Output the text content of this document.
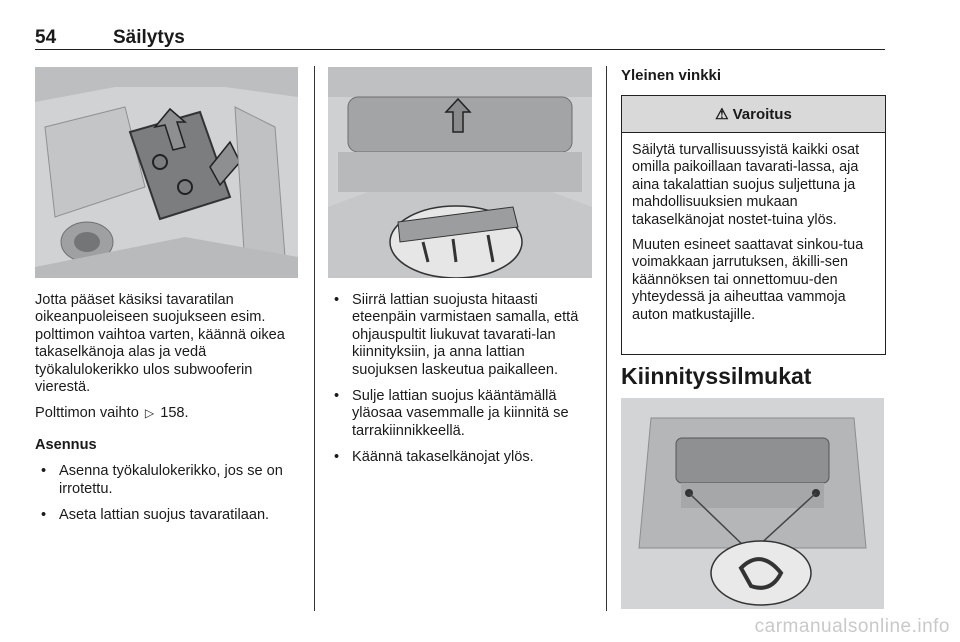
54	Säilytys

Jotta pääset käsiksi tavaratilan oikeanpuoleiseen suojukseen esim. polttimon vaihtoa varten, käännä oikea takaselkänoja alas ja vedä työkalulokerikko ulos subwooferin vierestä.

Polttimon vaihto ▷ 158.

Asennus

• Asenna työkalulokerikko, jos se on irrotettu.
• Aseta lattian suojus tavaratilaan.
• Siirrä lattian suojusta hitaasti eteenpäin varmistaen samalla, että ohjauspultit liukuvat tavarati-lan kiinnityksiin, ja anna lattian suojuksen laskeutua paikalleen.
• Sulje lattian suojus kääntämällä yläosaa vasemmalle ja kiinnitä se tarrakiinnikkeellä.
• Käännä takaselkänojat ylös.
Yleinen vinkki
⚠ Varoitus

Säilytä turvallisuussyistä kaikki osat omilla paikoillaan tavarati-lassa, aja aina takalattian suojus suljettuna ja mahdollisuuksien mukaan takaselkänojat nostet-tuina ylös.

Muuten esineet saattavat sinkou-tua voimakkaan jarrutuksen, äkilli-sen käännöksen tai onnettomuu-den yhteydessä ja aiheuttaa vammoja auton matkustajille.

Kiinnityssilmukat
carmanualsonline.info
